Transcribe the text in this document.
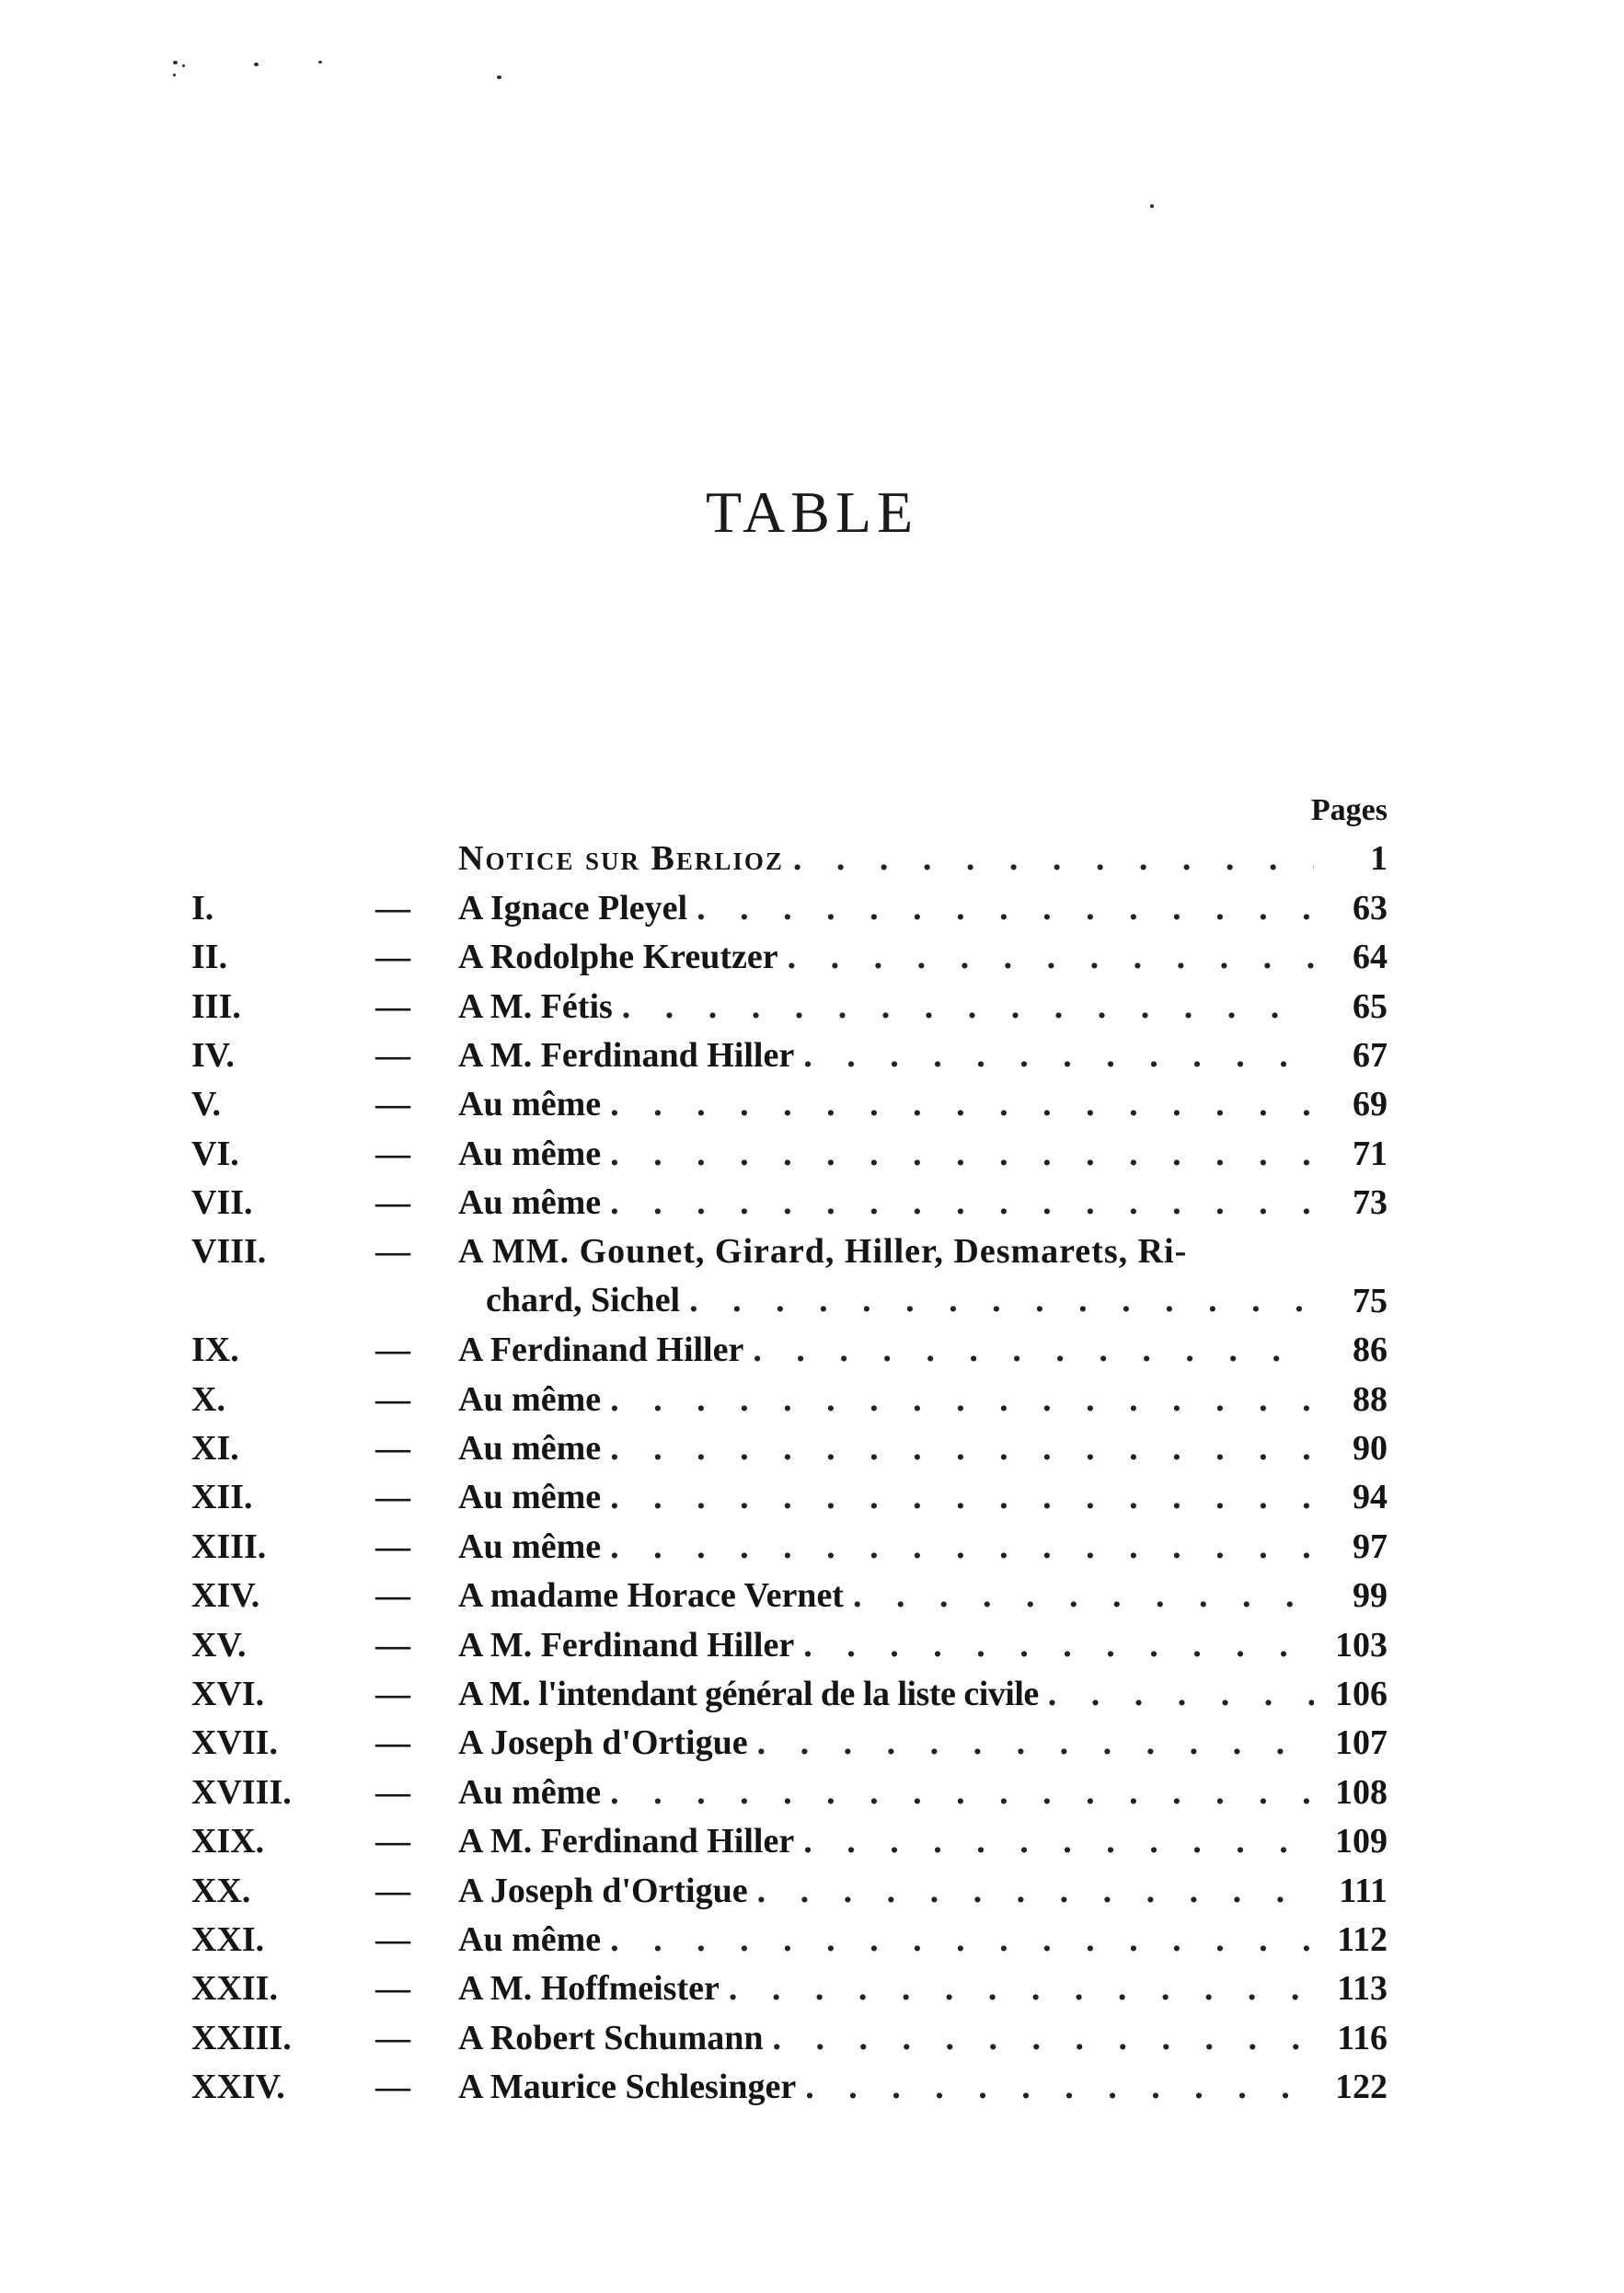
TABLE
Pages
Notice sur Berlioz . . .	1
I.	—	A Ignace Pleyel . . .	63
II.	—	A Rodolphe Kreutzer . . .	64
III.	—	A M. Fétis . . .	65
IV.	—	A M. Ferdinand Hiller . . .	67
V.	—	Au même . . .	69
VI.	—	Au même . . .	71
VII.	—	Au même . . .	73
VIII.	—	A MM. Gounet, Girard, Hiller, Desmarets, Ri-
chard, Sichel . . .	75
IX.	—	A Ferdinand Hiller . . .	86
X.	—	Au même . . .	88
XI.	—	Au même . . .	90
XII.	—	Au même . . .	94
XIII.	—	Au même . . .	97
XIV.	—	A madame Horace Vernet . . .	99
XV.	—	A M. Ferdinand Hiller . . .	103
XVI.	—	A M. l'intendant général de la liste civile . . .	106
XVII.	—	A Joseph d'Ortigue . . .	107
XVIII.	—	Au même . . .	108
XIX.	—	A M. Ferdinand Hiller . . .	109
XX.	—	A Joseph d'Ortigue . . .	111
XXI.	—	Au même . . .	112
XXII.	—	A M. Hoffmeister . . .	113
XXIII.	—	A Robert Schumann . . .	116
XXIV.	—	A Maurice Schlesinger . . .	122
